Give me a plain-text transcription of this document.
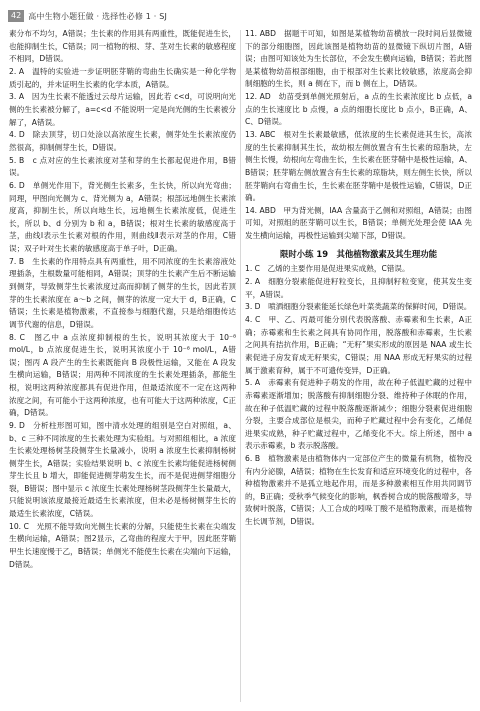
42 高中生物小题狂做 · 选择性必修 1 · SJ

素分布不均匀，A错误；生长素的作用具有两重性，既能促进生长，也能抑制生长，C错误；同一植物的根、芽、茎对生长素的敏感程度不相同，D错误。

2. A　温特的实验进一步证明胚芽鞘的弯曲生长确实是一种化学物质引起的，并未证明生长素的化学本质，A错误。

3. A　因为生长素不能透过云母片运输，因此若 c<d，可说明向光侧的生长素被分解了，a=c<d 不能说明一定是向光侧的生长素被分解了，A错误。

4. D　除去顶芽，切口处涂以高浓度生长素，侧芽处生长素浓度仍然很高，抑制侧芽生长，D错误。

5. B　c 点对应的生长素浓度对茎和芽的生长都起促进作用，B错误。

6. D　单侧光作用下，背光侧生长素多，生长快，所以向光弯曲；同理，甲图向光侧为 c、背光侧为 a，A错误；根部远地侧生长素浓度高，抑制生长，所以向地生长，远地侧生长素浓度低，促进生长，所以 b、d 分别为 b 和 a，B错误；根对生长素的敏感度高于茎，曲线Ⅰ表示生长素对根的作用，则曲线Ⅱ表示对茎的作用，C错误；双子叶对生长素的敏感度高于单子叶，D正确。

7. B　生长素的作用特点具有两重性，用不同浓度的生长素溶液处理插条，生根数量可能相同，A错误；顶芽的生长素产生后不断运输到侧芽，导致侧芽生长素浓度过高而抑制了侧芽的生长，因此若顶芽的生长素浓度在 a～b 之间，侧芽的浓度一定大于 d，B正确，C错误；生长素是植物激素，不直接参与细胞代谢，只是给细胞传达调节代谢的信息，D错误。

8. C　图乙中 a 点浓度抑制根的生长，说明其浓度大于 10⁻⁸ mol/L，b 点浓度促进生长，说明其浓度小于 10⁻⁸ mol/L，A错误；图丙 A 段产生的生长素既能向 B 段极性运输，又能在 A 段发生横向运输，B错误；用两种不同浓度的生长素处理插条，都能生根，说明这两种浓度都具有促进作用，但最适浓度不一定在这两种浓度之间，有可能小于这两种浓度，也有可能大于这两种浓度，C正确，D错误。

9. D　分析柱形图可知，图中清水处理的组别是空白对照组，a、b、c 三种不同浓度的生长素处理为实验组。与对照组相比，a 浓度生长素处理杨树茎段侧芽生长量减小，说明 a 浓度生长素抑制杨树侧芽生长，A错误；实验结果说明 b、c 浓度生长素均能促进杨树侧芽生长且 b 增大，即能促进侧芽萌发生长，而不是促进侧芽细胞分裂，B错误；图中显示 c 浓度生长素处理杨树茎段侧芽生长量最大，只能说明该浓度最接近最适生长素浓度，但未必是杨树侧芽生长的最适生长素浓度，C错误。

10. C　光照不能导致向光侧生长素的分解，只能使生长素在尖端发生横向运输，A错误；图2显示，乙弯曲的程度大于甲，因此胚芽鞘甲生长速度慢于乙，B错误；单侧光不能使生长素在尖端向下运输，D错误。

11. ABD　据题干可知，如图是某植物幼苗横放一段时间后显微镜下的部分细胞图，因此该图是植物幼苗的显微镜下纵切片图，A错误；由图可知该处为生长部位，不会发生横向运输，B错误；若此图是某植物幼苗根部细胞，由于根部对生长素比较敏感，浓度高会抑制细胞的生长，则 a 侧在下，而 b 侧在上，D错误。

12. AD　幼苗受到单侧光照射后，a 点的生长素浓度比 b 点低，a 点的生长速度比 b 点慢，a 点的细胞长度比 b 点小，B正确，A、C、D错误。

13. ABC　根对生长素最敏感，低浓度的生长素促进其生长，高浓度的生长素抑制其生长，故幼根左侧放置含有生长素的琼脂块，左侧生长慢，幼根向左弯曲生长，生长素在胚芽鞘中是极性运输，A、B错误；胚芽鞘左侧放置含有生长素的琼脂块，则左侧生长快，所以胚芽鞘向右弯曲生长，生长素在胚芽鞘中是极性运输，C错误，D正确。

14. ABD　甲为背光侧，IAA 含量高于乙侧和对照组，A错误；由图可知，对照组的胚芽鞘可以生长，B错误；单侧光处理会使 IAA 先发生横向运输，再极性运输到尖端下部，D错误。

限时小练 19　其他植物激素及其生理功能

1. C　乙烯的主要作用是促进果实成熟，C错误。

2. A　细胞分裂素能促进籽粒变长，且抑制籽粒变宽，使其发生变平，A错误。

3. D　喷洒细胞分裂素能延长绿色叶菜类蔬菜的保鲜时间，D错误。

4. C　甲、乙、丙最可能分别代表脱落酸、赤霉素和生长素，A正确；赤霉素和生长素之间具有协同作用，脱落酸和赤霉素，生长素之间具有拮抗作用，B正确；“无籽”果实形成的原因是 NAA 或生长素促进子房发育成无籽果实，C错误；用 NAA 形成无籽果实的过程属于激素育种，属于不可遗传变异，D正确。

5. A　赤霉素有促进种子萌发的作用，故在种子低温贮藏的过程中赤霉素逐渐增加；脱落酸有抑制细胞分裂、维持种子休眠的作用，故在种子低温贮藏的过程中脱落酸逐渐减少；细胞分裂素促进细胞分裂，主要合成部位是根尖，而种子贮藏过程中会有变化，乙烯促进果实成熟，种子贮藏过程中，乙烯变化不大。综上所述，图中 a 表示赤霉素，b 表示脱落酸。

6. B　植物激素是由植物体内一定部位产生的微量有机物，植物没有内分泌腺，A错误；植物在生长发育和适应环境变化的过程中，各种植物激素并不是孤立地起作用，而是多种激素相互作用共同调节的，B正确；受秋季气候变化的影响，枫香树合成的脱落酸增多，导致树叶脱落，C错误；人工合成的吲哚丁酸不是植物激素，而是植物生长调节剂，D错误。
